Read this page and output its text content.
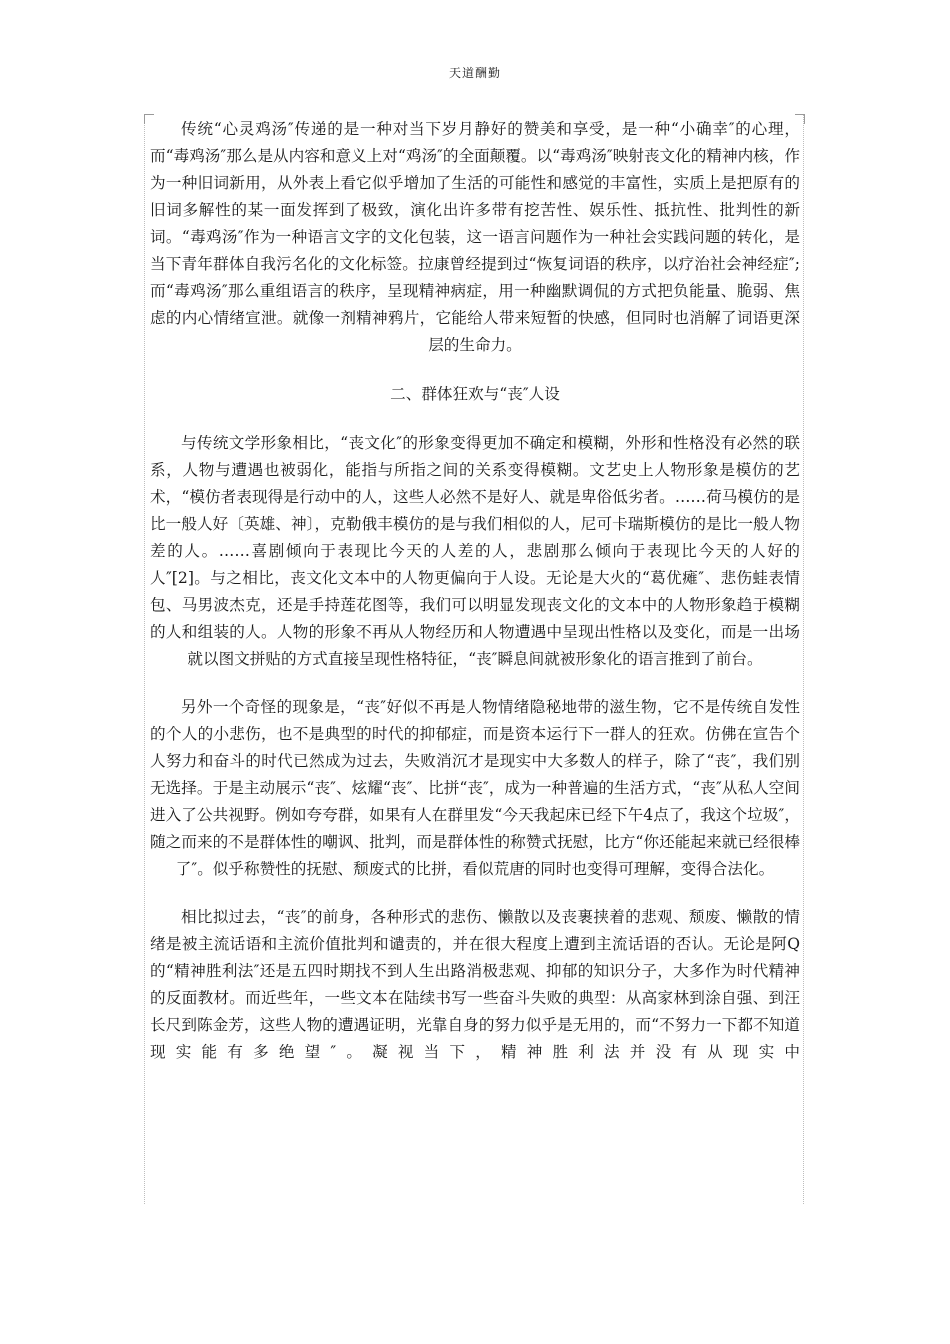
天道酬勤

传统“心灵鸡汤″传递的是一种对当下岁月静好的赞美和享受，是一种“小确幸″的心理，而“毒鸡汤″那么是从内容和意义上对“鸡汤″的全面颠覆。以“毒鸡汤″映射丧文化的精神内核，作为一种旧词新用，从外表上看它似乎增加了生活的可能性和感觉的丰富性，实质上是把原有的旧词多解性的某一面发挥到了极致，演化出许多带有挖苦性、娱乐性、抵抗性、批判性的新词。“毒鸡汤″作为一种语言文字的文化包装，这一语言问题作为一种社会实践问题的转化，是当下青年群体自我污名化的文化标签。拉康曾经提到过“恢复词语的秩序，以疗治社会神经症″;而“毒鸡汤″那么重组语言的秩序，呈现精神病症，用一种幽默调侃的方式把负能量、脆弱、焦虑的内心情绪宣泄。就像一剂精神鸦片，它能给人带来短暂的快感，但同时也消解了词语更深层的生命力。

二、群体狂欢与“丧″人设

与传统文学形象相比，“丧文化″的形象变得更加不确定和模糊，外形和性格没有必然的联系，人物与遭遇也被弱化，能指与所指之间的关系变得模糊。文艺史上人物形象是模仿的艺术，“模仿者表现得是行动中的人，这些人必然不是好人、就是卑俗低劣者。……荷马模仿的是比一般人好〔英雄、神〕，克勒俄丰模仿的是与我们相似的人，尼可卡瑞斯模仿的是比一般人物差的人。……喜剧倾向于表现比今天的人差的人，悲剧那么倾向于表现比今天的人好的人″[2]。与之相比，丧文化文本中的人物更偏向于人设。无论是大火的“葛优瘫″、悲伤蛙表情包、马男波杰克，还是手持莲花图等，我们可以明显发现丧文化的文本中的人物形象趋于模糊的人和组装的人。人物的形象不再从人物经历和人物遭遇中呈现出性格以及变化，而是一出场就以图文拼贴的方式直接呈现性格特征，“丧″瞬息间就被形象化的语言推到了前台。

另外一个奇怪的现象是，“丧″好似不再是人物情绪隐秘地带的滋生物，它不是传统自发性的个人的小悲伤，也不是典型的时代的抑郁症，而是资本运行下一群人的狂欢。仿佛在宣告个人努力和奋斗的时代已然成为过去，失败消沉才是现实中大多数人的样子，除了“丧″，我们别无选择。于是主动展示“丧″、炫耀“丧″、比拼“丧″，成为一种普遍的生活方式，“丧″从私人空间进入了公共视野。例如夸夸群，如果有人在群里发“今天我起床已经下午4点了，我这个垃圾″，随之而来的不是群体性的嘲讽、批判，而是群体性的称赞式抚慰，比方“你还能起来就已经很棒了″。似乎称赞性的抚慰、颓废式的比拼，看似荒唐的同时也变得可理解，变得合法化。

相比拟过去，“丧″的前身，各种形式的悲伤、懒散以及丧裹挟着的悲观、颓废、懒散的情绪是被主流话语和主流价值批判和谴责的，并在很大程度上遭到主流话语的否认。无论是阿Q的“精神胜利法″还是五四时期找不到人生出路消极悲观、抑郁的知识分子，大多作为时代精神的反面教材。而近些年，一些文本在陆续书写一些奋斗失败的典型：从高家林到涂自强、到汪长尺到陈金芳，这些人物的遭遇证明，光靠自身的努力似乎是无用的，而“不努力一下都不知道现实能有多绝望″。凝视当下，精神胜利法并没有从现实中
